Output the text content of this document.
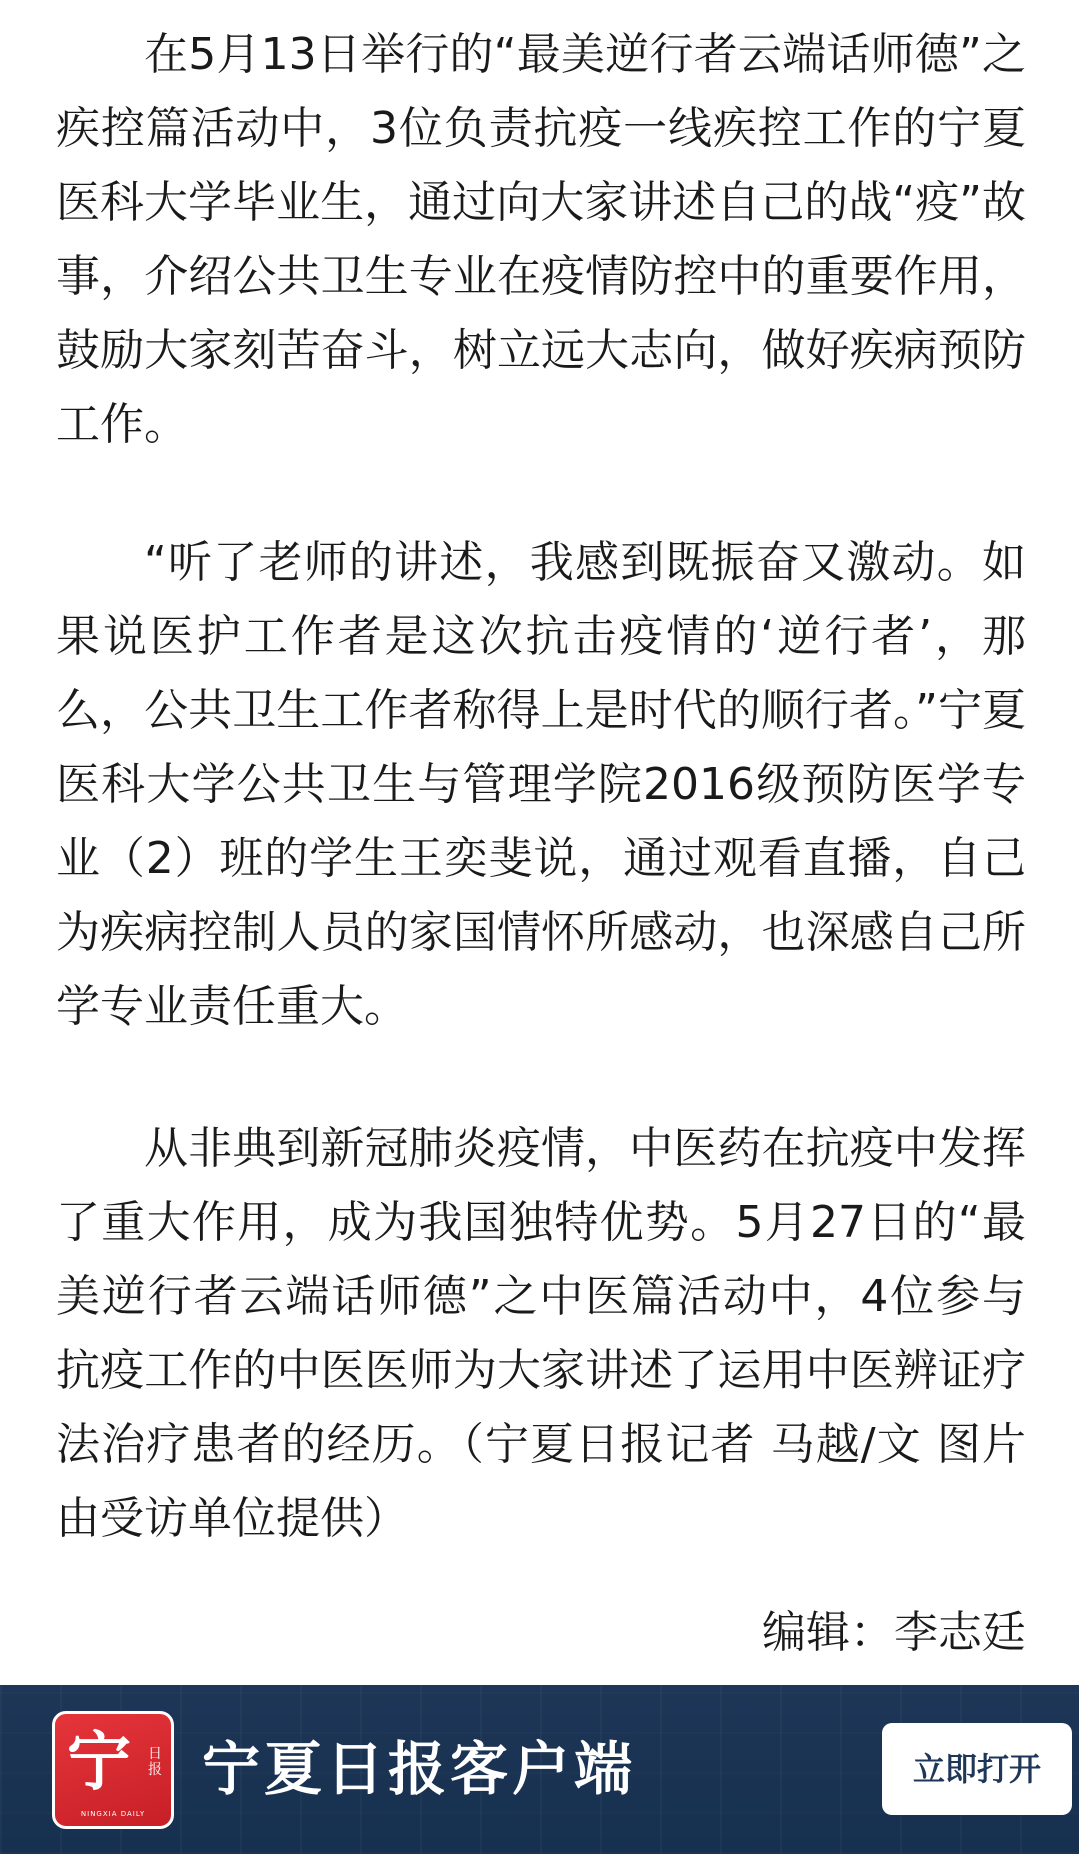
在5月13日举行的“最美逆行者云端话师德”之疾控篇活动中，3位负责抗疫一线疾控工作的宁夏医科大学毕业生，通过向大家讲述自己的战“疫”故事，介绍公共卫生专业在疫情防控中的重要作用，鼓励大家刻苦奋斗，树立远大志向，做好疾病预防工作。

“听了老师的讲述，我感到既振奋又激动。如果说医护工作者是这次抗击疫情的‘逆行者’，那么，公共卫生工作者称得上是时代的顺行者。”宁夏医科大学公共卫生与管理学院2016级预防医学专业（2）班的学生王奕斐说，通过观看直播，自己为疾病控制人员的家国情怀所感动，也深感自己所学专业责任重大。

从非典到新冠肺炎疫情，中医药在抗疫中发挥了重大作用，成为我国独特优势。5月27日的“最美逆行者云端话师德”之中医篇活动中，4位参与抗疫工作的中医医师为大家讲述了运用中医辨证疗法治疗患者的经历。（宁夏日报记者 马越/文 图片由受访单位提供）

编辑：李志廷

宁 日报
NINGXIA DAILY
宁夏日报客户端	立即打开
